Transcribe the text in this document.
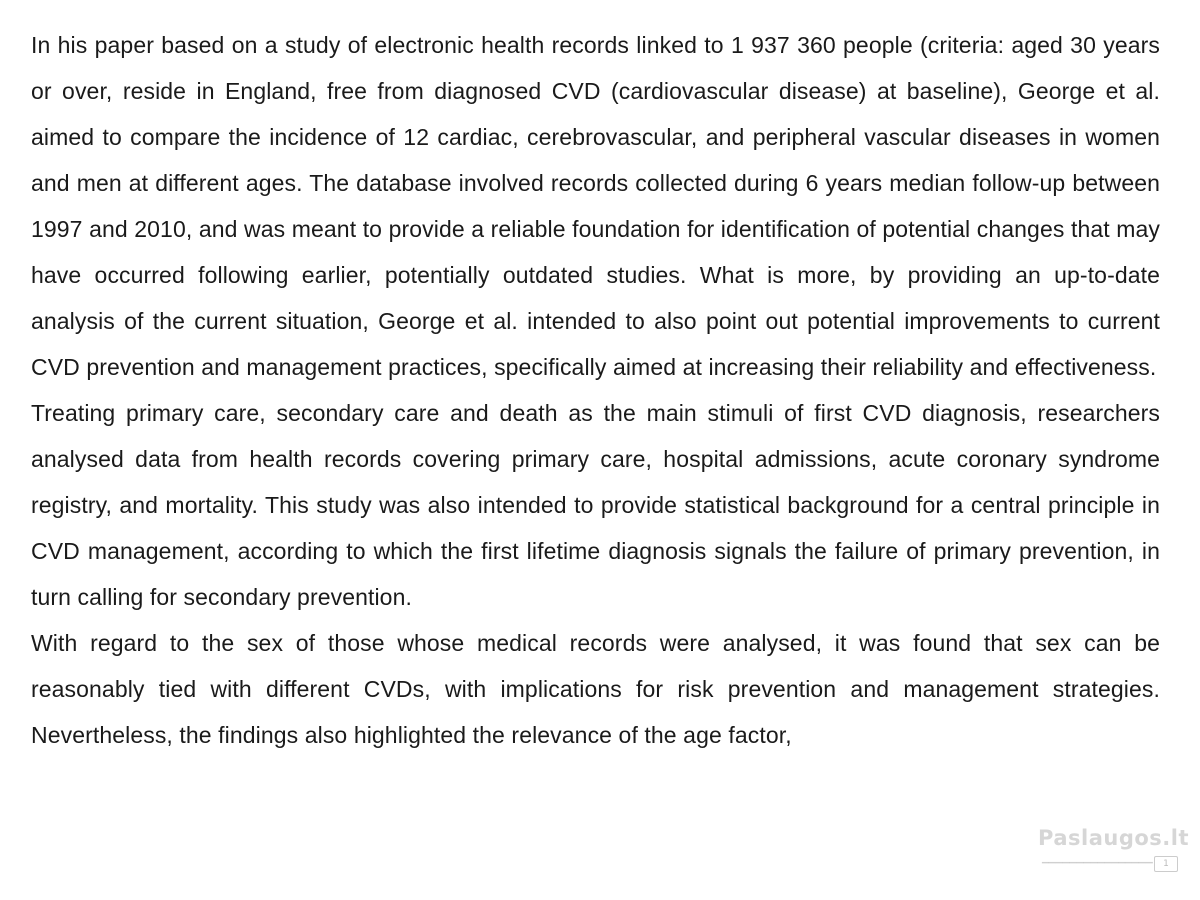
In his paper based on a study of electronic health records linked to 1 937 360 people (criteria: aged 30 years or over, reside in England, free from diagnosed CVD (cardiovascular disease) at baseline), George et al. aimed to compare the incidence of 12 cardiac, cerebrovascular, and peripheral vascular diseases in women and men at different ages. The database involved records collected during 6 years median follow-up between 1997 and 2010, and was meant to provide a reliable foundation for identification of potential changes that may have occurred following earlier, potentially outdated studies. What is more, by providing an up-to-date analysis of the current situation, George et al. intended to also point out potential improvements to current CVD prevention and management practices, specifically aimed at increasing their reliability and effectiveness.

Treating primary care, secondary care and death as the main stimuli of first CVD diagnosis, researchers analysed data from health records covering primary care, hospital admissions, acute coronary syndrome registry, and mortality. This study was also intended to provide statistical background for a central principle in CVD management, according to which the first lifetime diagnosis signals the failure of primary prevention, in turn calling for secondary prevention.

With regard to the sex of those whose medical records were analysed, it was found that sex can be reasonably tied with different CVDs, with implications for risk prevention and management strategies. Nevertheless, the findings also highlighted the relevance of the age factor,

Paslaugos.lt
▁▁▁▁▁▁▁▁▁▁▁▁▁▁▁▁	1
